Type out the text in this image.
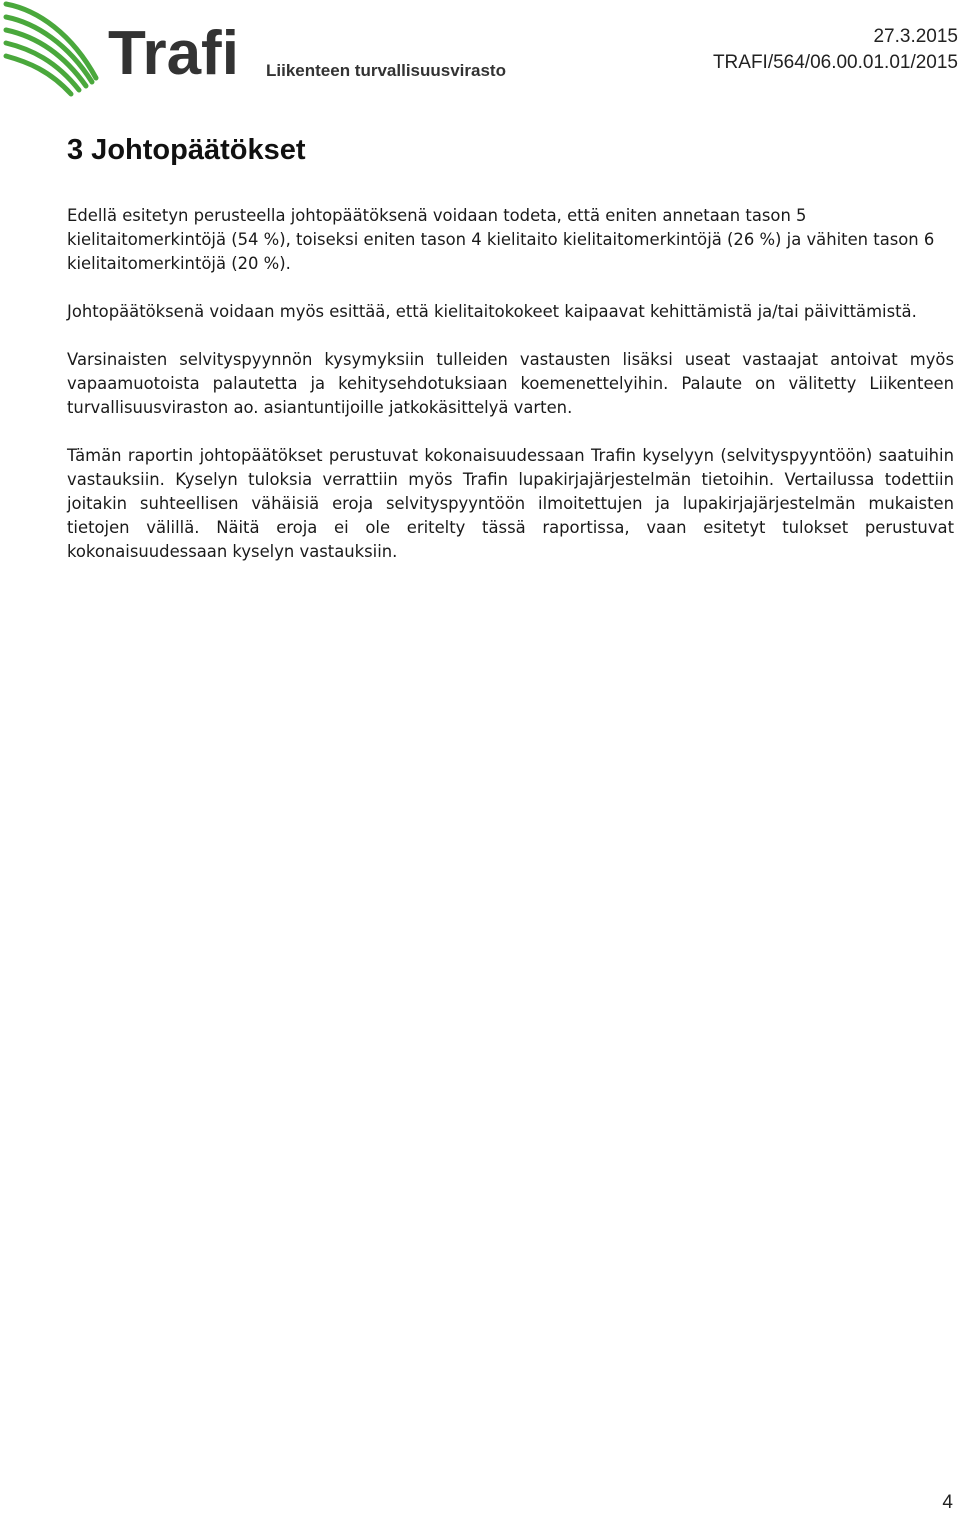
Trafi Liikenteen turvallisuusvirasto
27.3.2015
TRAFI/564/06.00.01.01/2015
3 Johtopäätökset

Edellä esitetyn perusteella johtopäätöksenä voidaan todeta, että eniten annetaan tason 5 kielitaitomerkintöjä (54 %), toiseksi eniten tason 4 kielitaito kielitaitomerkintöjä (26 %) ja vähiten tason 6 kielitaitomerkintöjä (20 %).

Johtopäätöksenä voidaan myös esittää, että kielitaitokokeet kaipaavat kehittämistä ja/tai päivittämistä.

Varsinaisten selvityspyynnön kysymyksiin tulleiden vastausten lisäksi useat vastaajat antoivat myös vapaamuotoista palautetta ja kehitysehdotuksiaan koemenettelyihin. Palaute on välitetty Liikenteen turvallisuusviraston ao. asiantuntijoille jatkokäsittelyä varten.

Tämän raportin johtopäätökset perustuvat kokonaisuudessaan Trafin kyselyyn (selvityspyyntöön) saatuihin vastauksiin. Kyselyn tuloksia verrattiin myös Trafin lupakirjajärjestelmän tietoihin. Vertailussa todettiin joitakin suhteellisen vähäisiä eroja selvityspyyntöön ilmoitettujen ja lupakirjajärjestelmän mukaisten tietojen välillä. Näitä eroja ei ole eritelty tässä raportissa, vaan esitetyt tulokset perustuvat kokonaisuudessaan kyselyn vastauksiin.

4
